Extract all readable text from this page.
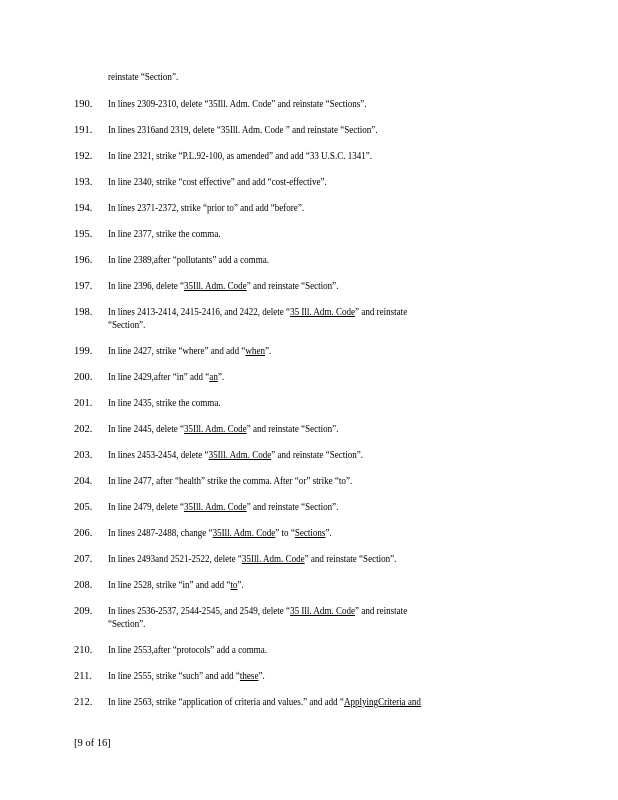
reinstate “Section”.
190. In lines 2309-2310, delete “35Ill. Adm. Code” and reinstate “Sections”.
191. In lines 2316and 2319, delete “35Ill. Adm. Code ” and reinstate “Section”.
192. In line 2321, strike “P.L.92-100, as amended” and add “33 U.S.C. 1341”.
193. In line 2340, strike “cost effective” and add “cost-effective”.
194. In lines 2371-2372, strike “prior to” and add “before”.
195. In line 2377, strike the comma.
196. In line 2389,after “pollutants” add a comma.
197. In line 2396, delete “35Ill. Adm. Code” and reinstate “Section”.
198. In lines 2413-2414, 2415-2416, and 2422, delete “35 Ill. Adm. Code” and reinstate
“Section”.
199. In line 2427, strike “where” and add “when”.
200. In line 2429,after “in” add “an”.
201. In line 2435, strike the comma.
202. In line 2445, delete “35Ill. Adm. Code” and reinstate “Section”.
203. In lines 2453-2454, delete “35Ill. Adm. Code” and reinstate “Section”.
204. In line 2477, after “health” strike the comma. After “or” strike “to”.
205. In line 2479, delete “35Ill. Adm. Code” and reinstate “Section”.
206. In lines 2487-2488, change “35Ill. Adm. Code” to “Sections”.
207. In lines 2493and 2521-2522, delete “35Ill. Adm. Code” and reinstate “Section”.
208. In line 2528, strike “in” and add “to”.
209. In lines 2536-2537, 2544-2545, and 2549, delete “35 Ill. Adm. Code” and reinstate
“Section”.
210. In line 2553,after “protocols” add a comma.
211. In line 2555, strike “such” and add “these”.
212. In line 2563, strike “application of criteria and values.” and add “ApplyingCriteria and
[9 of 16]
